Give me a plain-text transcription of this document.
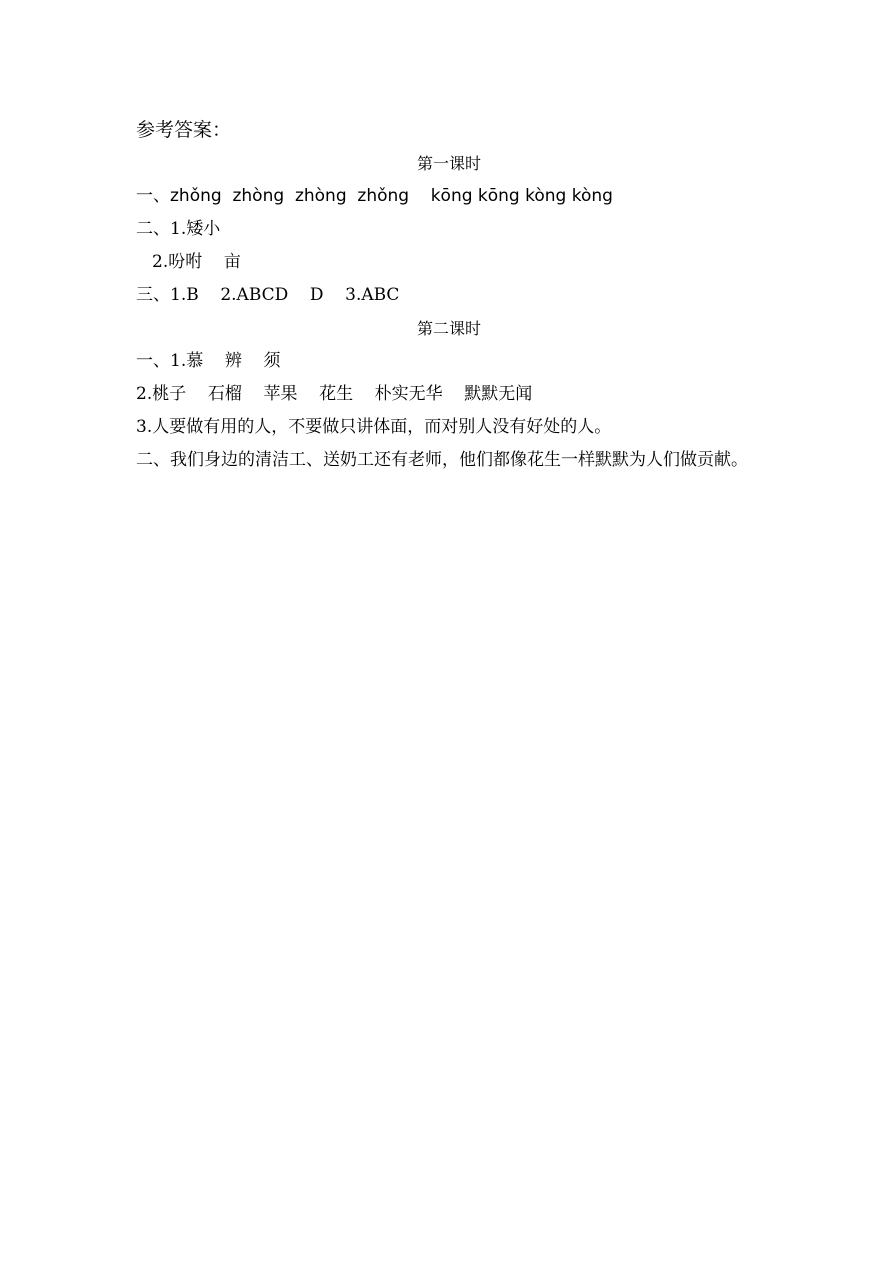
参考答案：
第一课时
一、zhǒng  zhòng  zhòng  zhǒng    kōng kōng kòng kòng
二、1.矮小
2.吩咐    亩
三、1.B    2.ABCD    D    3.ABC
第二课时
一、1.慕    辨    须
2.桃子    石榴    苹果    花生    朴实无华    默默无闻
3.人要做有用的人，不要做只讲体面，而对别人没有好处的人。
二、我们身边的清洁工、送奶工还有老师，他们都像花生一样默默为人们做贡献。
